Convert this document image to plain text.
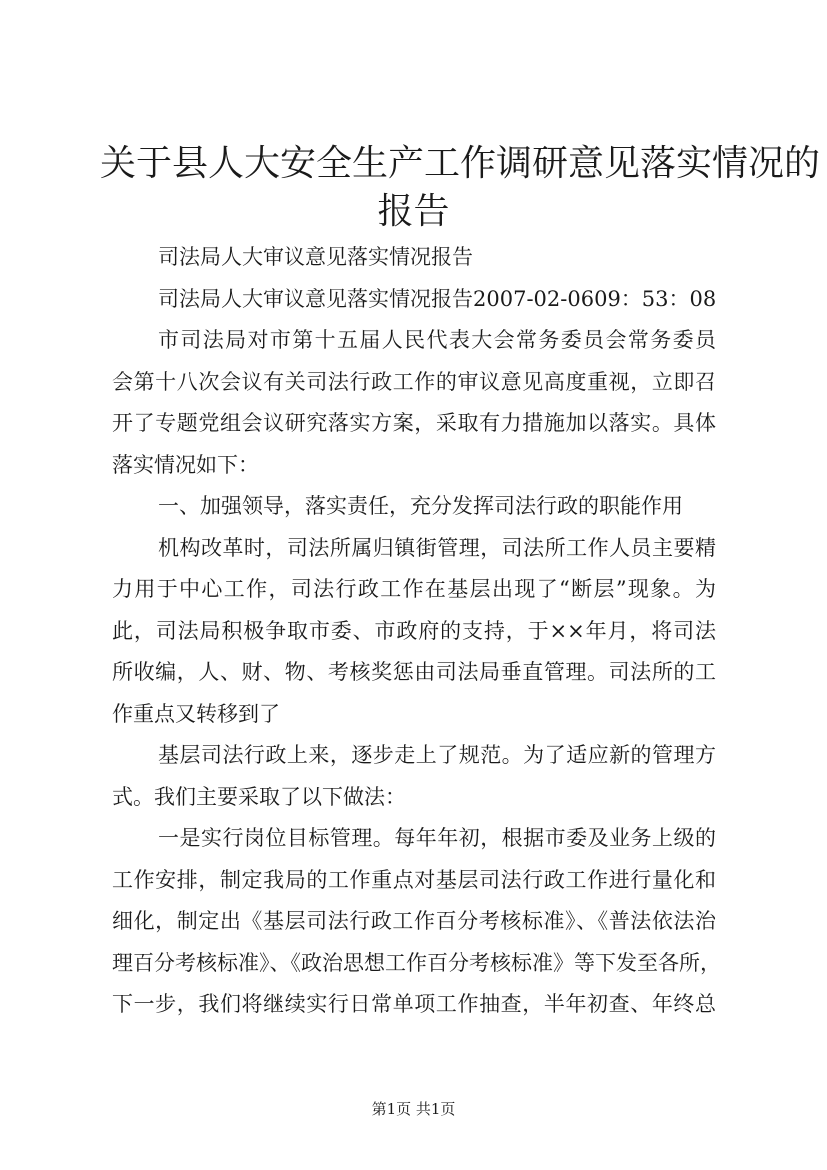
关于县人大安全生产工作调研意见落实情况的
报告
司法局人大审议意见落实情况报告
司法局人大审议意见落实情况报告2007-02-0609：53：08
市司法局对市第十五届人民代表大会常务委员会常务委员
会第十八次会议有关司法行政工作的审议意见高度重视，立即召
开了专题党组会议研究落实方案，采取有力措施加以落实。具体
落实情况如下：
一、加强领导，落实责任，充分发挥司法行政的职能作用
机构改革时，司法所属归镇街管理，司法所工作人员主要精
力用于中心工作，司法行政工作在基层出现了“断层”现象。为
此，司法局积极争取市委、市政府的支持，于××年月，将司法
所收编，人、财、物、考核奖惩由司法局垂直管理。司法所的工
作重点又转移到了
基层司法行政上来，逐步走上了规范。为了适应新的管理方
式。我们主要采取了以下做法：
一是实行岗位目标管理。每年年初，根据市委及业务上级的
工作安排，制定我局的工作重点对基层司法行政工作进行量化和
细化，制定出《基层司法行政工作百分考核标准》、《普法依法治
理百分考核标准》、《政治思想工作百分考核标准》等下发至各所，
下一步，我们将继续实行日常单项工作抽查，半年初查、年终总
第1页 共1页
